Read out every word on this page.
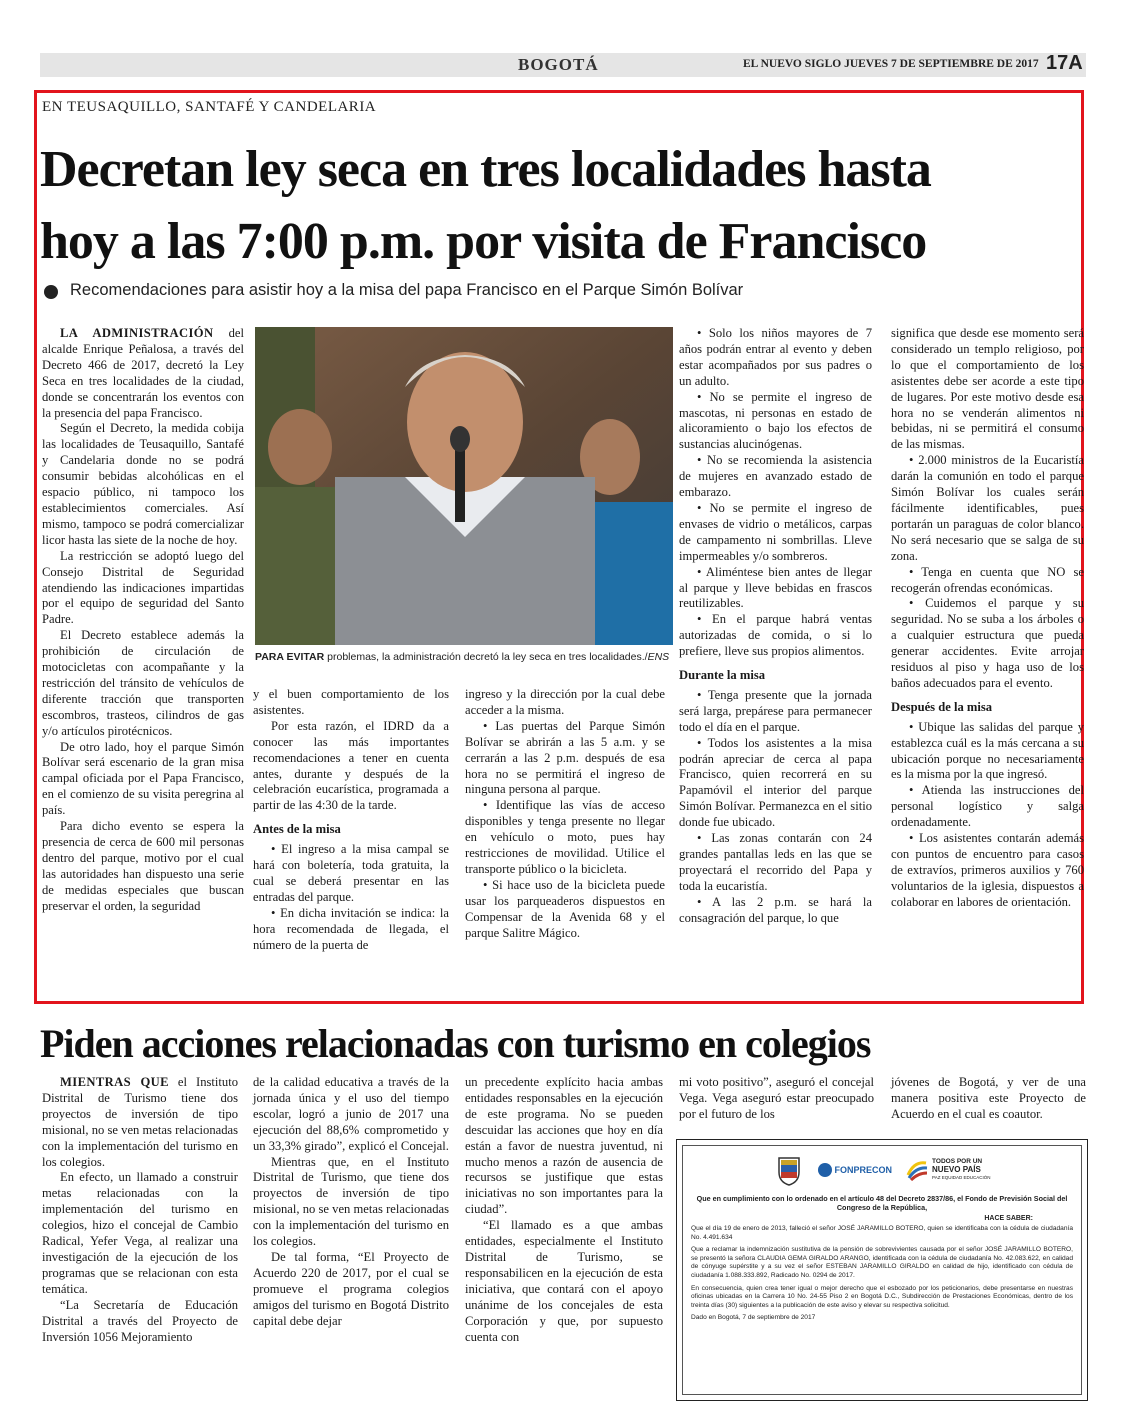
BOGOTÁ	EL NUEVO SIGLO JUEVES 7 DE SEPTIEMBRE DE 2017 17A
EN TEUSAQUILLO, SANTAFÉ Y CANDELARIA
Decretan ley seca en tres localidades hasta
hoy a las 7:00 p.m. por visita de Francisco
Recomendaciones para asistir hoy a la misa del papa Francisco en el Parque Simón Bolívar

LA ADMINISTRACIÓN del alcalde Enrique Peñalosa, a través del Decreto 466 de 2017, decretó la Ley Seca en tres localidades de la ciudad, donde se concentrarán los eventos con la presencia del papa Francisco.

Según el Decreto, la medida cobija las localidades de Teusaquillo, Santafé y Candelaria donde no se podrá consumir bebidas alcohólicas en el espacio público, ni tampoco los establecimientos comerciales. Así mismo, tampoco se podrá comercializar licor hasta las siete de la noche de hoy.

La restricción se adoptó luego del Consejo Distrital de Seguridad atendiendo las indicaciones impartidas por el equipo de seguridad del Santo Padre.

El Decreto establece además la prohibición de circulación de motocicletas con acompañante y la restricción del tránsito de vehículos de diferente tracción que transporten escombros, trasteos, cilindros de gas y/o artículos pirotécnicos.

De otro lado, hoy el parque Simón Bolívar será escenario de la gran misa campal oficiada por el Papa Francisco, en el comienzo de su visita peregrina al país.

Para dicho evento se espera la presencia de cerca de 600 mil personas dentro del parque, motivo por el cual las autoridades han dispuesto una serie de medidas especiales que buscan preservar el orden, la seguridad

PARA EVITAR problemas, la administración decretó la ley seca en tres localidades./ENS

y el buen comportamiento de los asistentes.

Por esta razón, el IDRD da a conocer las más importantes recomendaciones a tener en cuenta antes, durante y después de la celebración eucarística, programada a partir de las 4:30 de la tarde.

Antes de la misa

• El ingreso a la misa campal se hará con boletería, toda gratuita, la cual se deberá presentar en las entradas del parque.

• En dicha invitación se indica: la hora recomendada de llegada, el número de la puerta de

ingreso y la dirección por la cual debe acceder a la misma.

• Las puertas del Parque Simón Bolívar se abrirán a las 5 a.m. y se cerrarán a las 2 p.m. después de esa hora no se permitirá el ingreso de ninguna persona al parque.

• Identifique las vías de acceso disponibles y tenga presente no llegar en vehículo o moto, pues hay restricciones de movilidad. Utilice el transporte público o la bicicleta.

• Si hace uso de la bicicleta puede usar los parqueaderos dispuestos en Compensar de la Avenida 68 y el parque Salitre Mágico.

• Solo los niños mayores de 7 años podrán entrar al evento y deben estar acompañados por sus padres o un adulto.

• No se permite el ingreso de mascotas, ni personas en estado de alicoramiento o bajo los efectos de sustancias alucinógenas.

• No se recomienda la asistencia de mujeres en avanzado estado de embarazo.

• No se permite el ingreso de envases de vidrio o metálicos, carpas de campamento ni sombrillas. Lleve impermeables y/o sombreros.

• Aliméntese bien antes de llegar al parque y lleve bebidas en frascos reutilizables.

• En el parque habrá ventas autorizadas de comida, o si lo prefiere, lleve sus propios alimentos.

Durante la misa

• Tenga presente que la jornada será larga, prepárese para permanecer todo el día en el parque.

• Todos los asistentes a la misa podrán apreciar de cerca al papa Francisco, quien recorrerá en su Papamóvil el interior del parque Simón Bolívar. Permanezca en el sitio donde fue ubicado.

• Las zonas contarán con 24 grandes pantallas leds en las que se proyectará el recorrido del Papa y toda la eucaristía.

• A las 2 p.m. se hará la consagración del parque, lo que

significa que desde ese momento será considerado un templo religioso, por lo que el comportamiento de los asistentes debe ser acorde a este tipo de lugares. Por este motivo desde esa hora no se venderán alimentos ni bebidas, ni se permitirá el consumo de las mismas.

• 2.000 ministros de la Eucaristía darán la comunión en todo el parque Simón Bolívar los cuales serán fácilmente identificables, pues portarán un paraguas de color blanco. No será necesario que se salga de su zona.

• Tenga en cuenta que NO se recogerán ofrendas económicas.

• Cuidemos el parque y su seguridad. No se suba a los árboles o a cualquier estructura que pueda generar accidentes. Evite arrojar residuos al piso y haga uso de los baños adecuados para el evento.

Después de la misa

• Ubique las salidas del parque y establezca cuál es la más cercana a su ubicación porque no necesariamente es la misma por la que ingresó.

• Atienda las instrucciones del personal logístico y salga ordenadamente.

• Los asistentes contarán además con puntos de encuentro para casos de extravíos, primeros auxilios y 760 voluntarios de la iglesia, dispuestos a colaborar en labores de orientación.

Piden acciones relacionadas con turismo en colegios

MIENTRAS QUE el Instituto Distrital de Turismo tiene dos proyectos de inversión de tipo misional, no se ven metas relacionadas con la implementación del turismo en los colegios.

En efecto, un llamado a construir metas relacionadas con la implementación del turismo en colegios, hizo el concejal de Cambio Radical, Yefer Vega, al realizar una investigación de la ejecución de los programas que se relacionan con esta temática.

“La Secretaría de Educación Distrital a través del Proyecto de Inversión 1056 Mejoramiento

de la calidad educativa a través de la jornada única y el uso del tiempo escolar, logró a junio de 2017 una ejecución del 88,6% comprometido y un 33,3% girado”, explicó el Concejal.

Mientras que, en el Instituto Distrital de Turismo, que tiene dos proyectos de inversión de tipo misional, no se ven metas relacionadas con la implementación del turismo en los colegios.

De tal forma, “El Proyecto de Acuerdo 220 de 2017, por el cual se promueve el programa colegios amigos del turismo en Bogotá Distrito capital debe dejar

un precedente explícito hacia ambas entidades responsables en la ejecución de este programa. No se pueden descuidar las acciones que hoy en día están a favor de nuestra juventud, ni mucho menos a razón de ausencia de recursos se justifique que estas iniciativas no son importantes para la ciudad”.

“El llamado es a que ambas entidades, especialmente el Instituto Distrital de Turismo, se responsabilicen en la ejecución de esta iniciativa, que contará con el apoyo unánime de los concejales de esta Corporación y que, por supuesto cuenta con

mi voto positivo”, aseguró el concejal Vega. Vega aseguró estar preocupado por el futuro de los

jóvenes de Bogotá, y ver de una manera positiva este Proyecto de Acuerdo en el cual es coautor.

FONPRECON
TODOS POR UN
NUEVO PAÍS
PAZ EQUIDAD EDUCACIÓN
Que en cumplimiento con lo ordenado en el artículo 48 del Decreto 2837/86, el Fondo de Previsión Social del Congreso de la República,
HACE SABER:
Que el día 19 de enero de 2013, falleció el señor JOSÉ JARAMILLO BOTERO, quien se identificaba con la cédula de ciudadanía No. 4.491.634
Que a reclamar la indemnización sustitutiva de la pensión de sobrevivientes causada por el señor JOSÉ JARAMILLO BOTERO, se presentó la señora CLAUDIA GEMA GIRALDO ARANGO, identificada con la cédula de ciudadanía No. 42.083.622, en calidad de cónyuge supérstite y a su vez el señor ESTEBAN JARAMILLO GIRALDO en calidad de hijo, identificado con cédula de ciudadanía 1.088.333.892, Radicado No. 0294 de 2017.
En consecuencia, quien crea tener igual o mejor derecho que el esbozado por los peticionarios, debe presentarse en nuestras oficinas ubicadas en la Carrera 10 No. 24-55 Piso 2 en Bogotá D.C., Subdirección de Prestaciones Económicas, dentro de los treinta días (30) siguientes a la publicación de este aviso y elevar su respectiva solicitud.
Dado en Bogotá, 7 de septiembre de 2017
